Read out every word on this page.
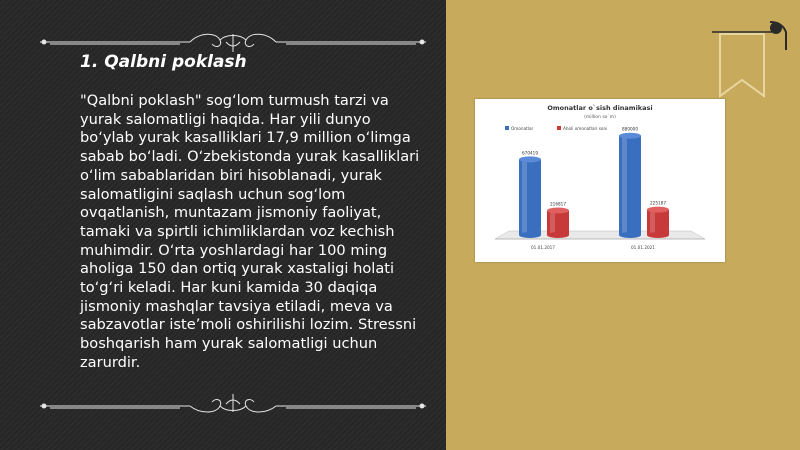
1. Qalbni poklash

"Qalbni poklash" sog‘lom turmush tarzi va yurak salomatligi haqida. Har yili dunyo bo‘ylab yurak kasalliklari 17,9 million o‘limga sabab bo‘ladi. O‘zbekistonda yurak kasalliklari o‘lim sabablaridan biri hisoblanadi, yurak salomatligini saqlash uchun sog‘lom ovqatlanish, muntazam jismoniy faoliyat, tamaki va spirtli ichimliklardan voz kechish muhimdir. O‘rta yoshlardagi har 100 ming aholiga 150 dan ortiq yurak xastaligi holati to‘g‘ri keladi. Har kuni kamida 30 daqiqa jismoniy mashqlar tavsiya etiladi, meva va sabzavotlar iste’moli oshirilishi lozim. Stressni boshqarish ham yurak salomatligi uchun zarurdir.

Omonatlar o`sish dinamikasi
(million so`m)
Omonatlar	Aholi omonatlari soni
670419
216817
880000
225187
01.01.2017	01.01.2021
